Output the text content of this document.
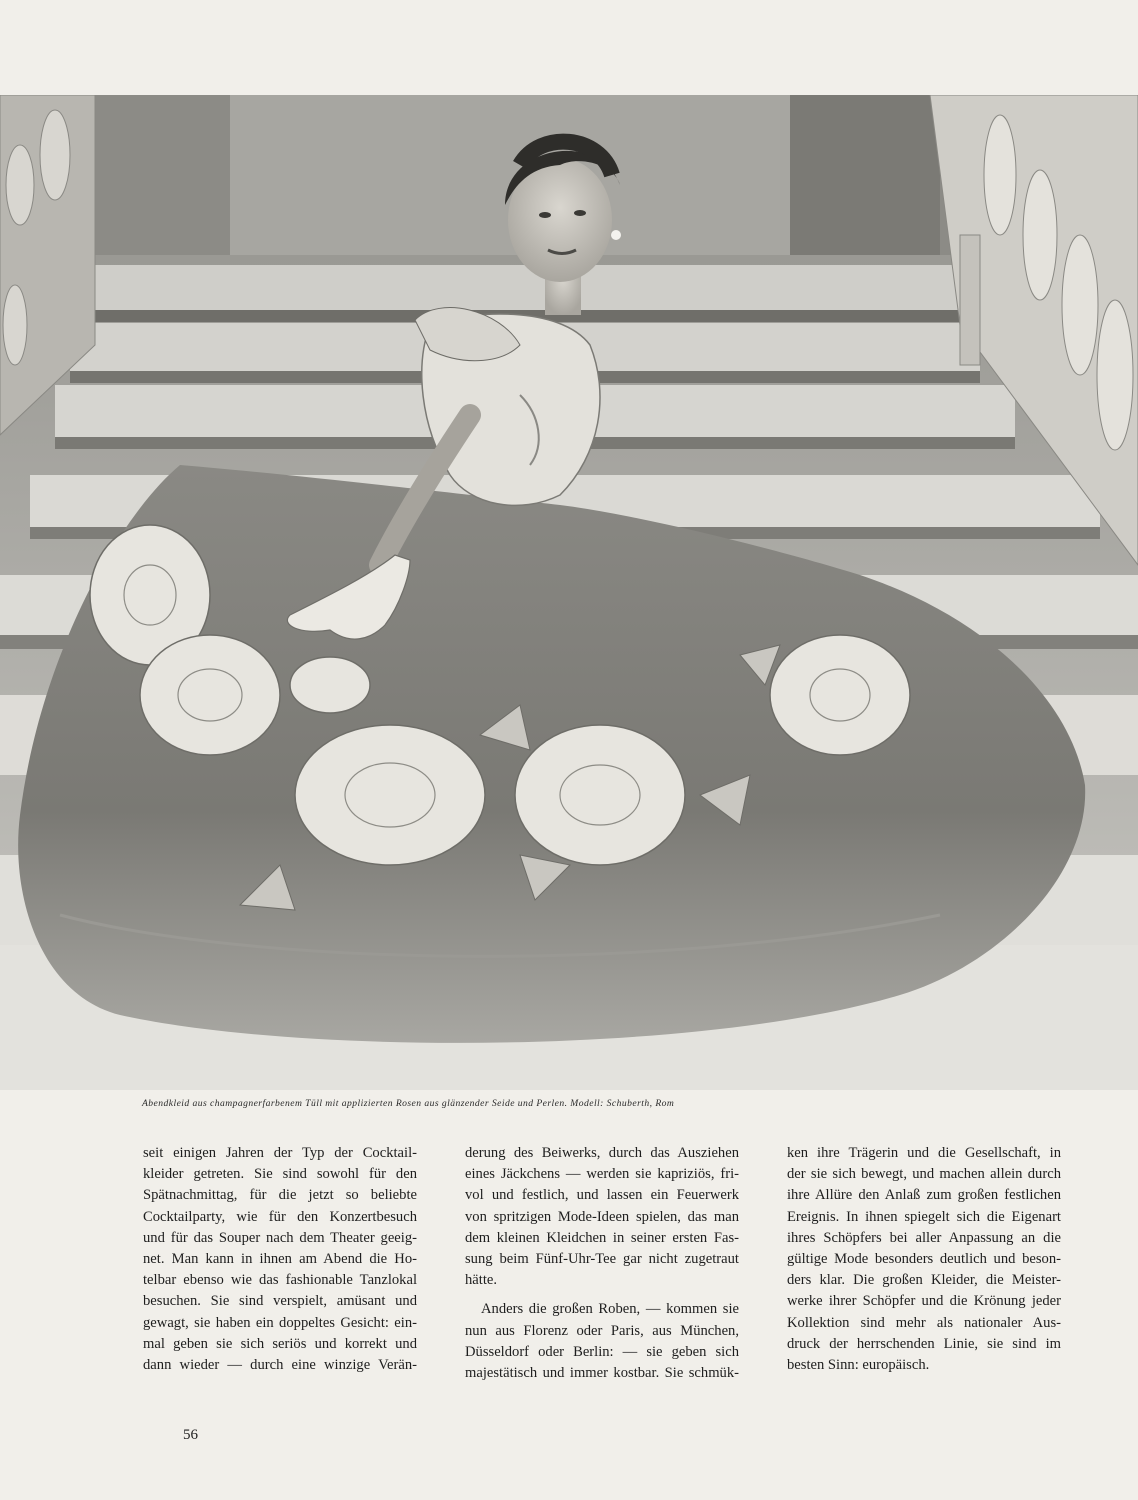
Abendkleid aus champagnerfarbenem Tüll mit applizierten Rosen aus glänzender Seide und Perlen. Modell: Schuberth, Rom
seit einigen Jahren der Typ der Cocktail-
kleider getreten. Sie sind sowohl für den
Spätnachmittag, für die jetzt so beliebte
Cocktailparty, wie für den Konzertbesuch
und für das Souper nach dem Theater geeig-
net. Man kann in ihnen am Abend die Ho-
telbar ebenso wie das fashionable Tanzlokal
besuchen. Sie sind verspielt, amüsant und
gewagt, sie haben ein doppeltes Gesicht: ein-
mal geben sie sich seriös und korrekt und
dann wieder — durch eine winzige Verän-
derung des Beiwerks, durch das Ausziehen
eines Jäckchens — werden sie kapriziös, fri-
vol und festlich, und lassen ein Feuerwerk
von spritzigen Mode-Ideen spielen, das man
dem kleinen Kleidchen in seiner ersten Fas-
sung beim Fünf-Uhr-Tee gar nicht zugetraut
hätte.
Anders die großen Roben, — kommen sie
nun aus Florenz oder Paris, aus München,
Düsseldorf oder Berlin: — sie geben sich
majestätisch und immer kostbar. Sie schmük-
ken ihre Trägerin und die Gesellschaft, in
der sie sich bewegt, und machen allein durch
ihre Allüre den Anlaß zum großen festlichen
Ereignis. In ihnen spiegelt sich die Eigenart
ihres Schöpfers bei aller Anpassung an die
gültige Mode besonders deutlich und beson-
ders klar. Die großen Kleider, die Meister-
werke ihrer Schöpfer und die Krönung jeder
Kollektion sind mehr als nationaler Aus-
druck der herrschenden Linie, sie sind im
besten Sinn: europäisch.
56
